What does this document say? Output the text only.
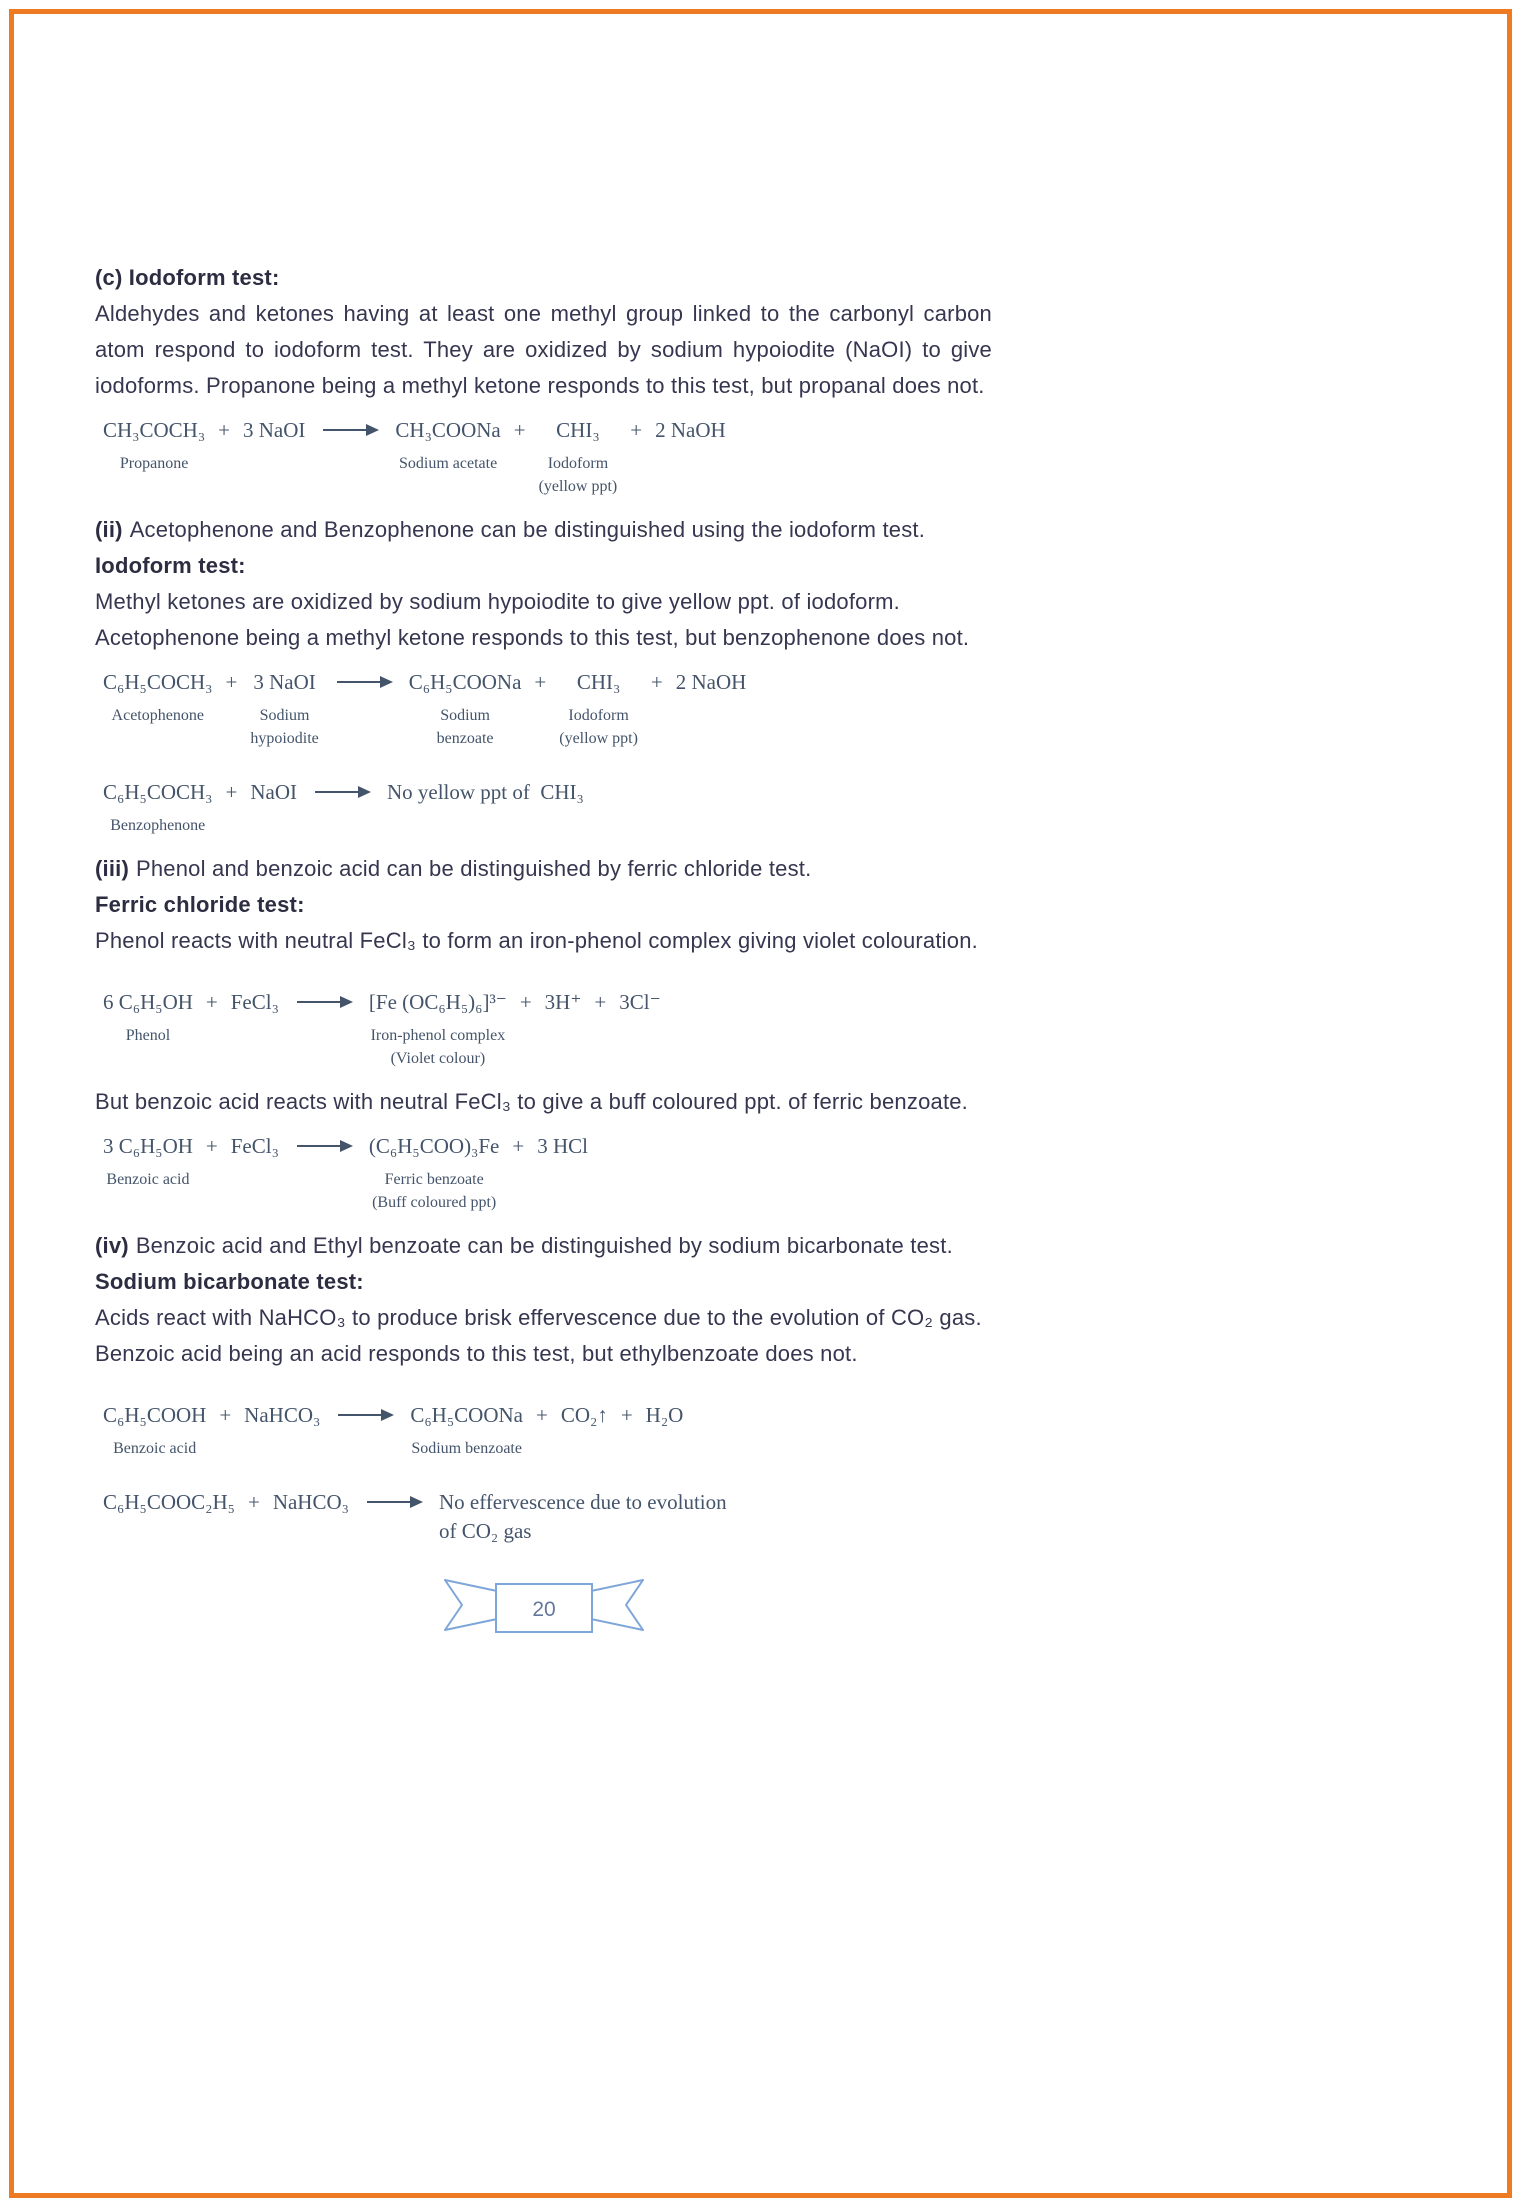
(c) Iodoform test:

Aldehydes and ketones having at least one methyl group linked to the carbonyl carbon atom respond to iodoform test. They are oxidized by sodium hypoiodite (NaOI) to give iodoforms. Propanone being a methyl ketone responds to this test, but propanal does not.

CH₃COCH₃
Propanone
+ 3 NaOI → CH₃COONa
Sodium acetate
+	CHI₃
Iodoform
(yellow ppt)
+ 2 NaOH

(ii) Acetophenone and Benzophenone can be distinguished using the iodoform test.

Iodoform test:

Methyl ketones are oxidized by sodium hypoiodite to give yellow ppt. of iodoform.

Acetophenone being a methyl ketone responds to this test, but benzophenone does not.

C₆H₅COCH₃
Acetophenone
+ 3 NaOI
Sodium
hypoiodite
→ C₆H₅COONa
Sodium
benzoate
+	CHI₃
Iodoform
(yellow ppt)
+ 2 NaOH
C₆H₅COCH₃
Benzophenone
+ NaOI → No yellow ppt of  CHI₃

(iii) Phenol and benzoic acid can be distinguished by ferric chloride test.

Ferric chloride test:

Phenol reacts with neutral FeCl₃ to form an iron-phenol complex giving violet colouration.

6 C₆H₅OH
Phenol
+ FeCl₃ → [Fe (OC₆H₅)₆]³⁻
Iron-phenol complex
(Violet colour)
+ 3H⁺ + 3Cl⁻

But benzoic acid reacts with neutral FeCl₃ to give a buff coloured ppt. of ferric benzoate.

3 C₆H₅OH
Benzoic acid
+ FeCl₃ → (C₆H₅COO)₃Fe
Ferric benzoate
(Buff coloured ppt)
+ 3 HCl

(iv) Benzoic acid and Ethyl benzoate can be distinguished by sodium bicarbonate test.

Sodium bicarbonate test:

Acids react with NaHCO₃ to produce brisk effervescence due to the evolution of CO₂ gas.

Benzoic acid being an acid responds to this test, but ethylbenzoate does not.

C₆H₅COOH
Benzoic acid
+ NaHCO₃ → C₆H₅COONa
Sodium benzoate
+ CO₂↑ + H₂O
C₆H₅COOC₂H₅ + NaHCO₃ → No effervescence due to evolution
of CO₂ gas
20
